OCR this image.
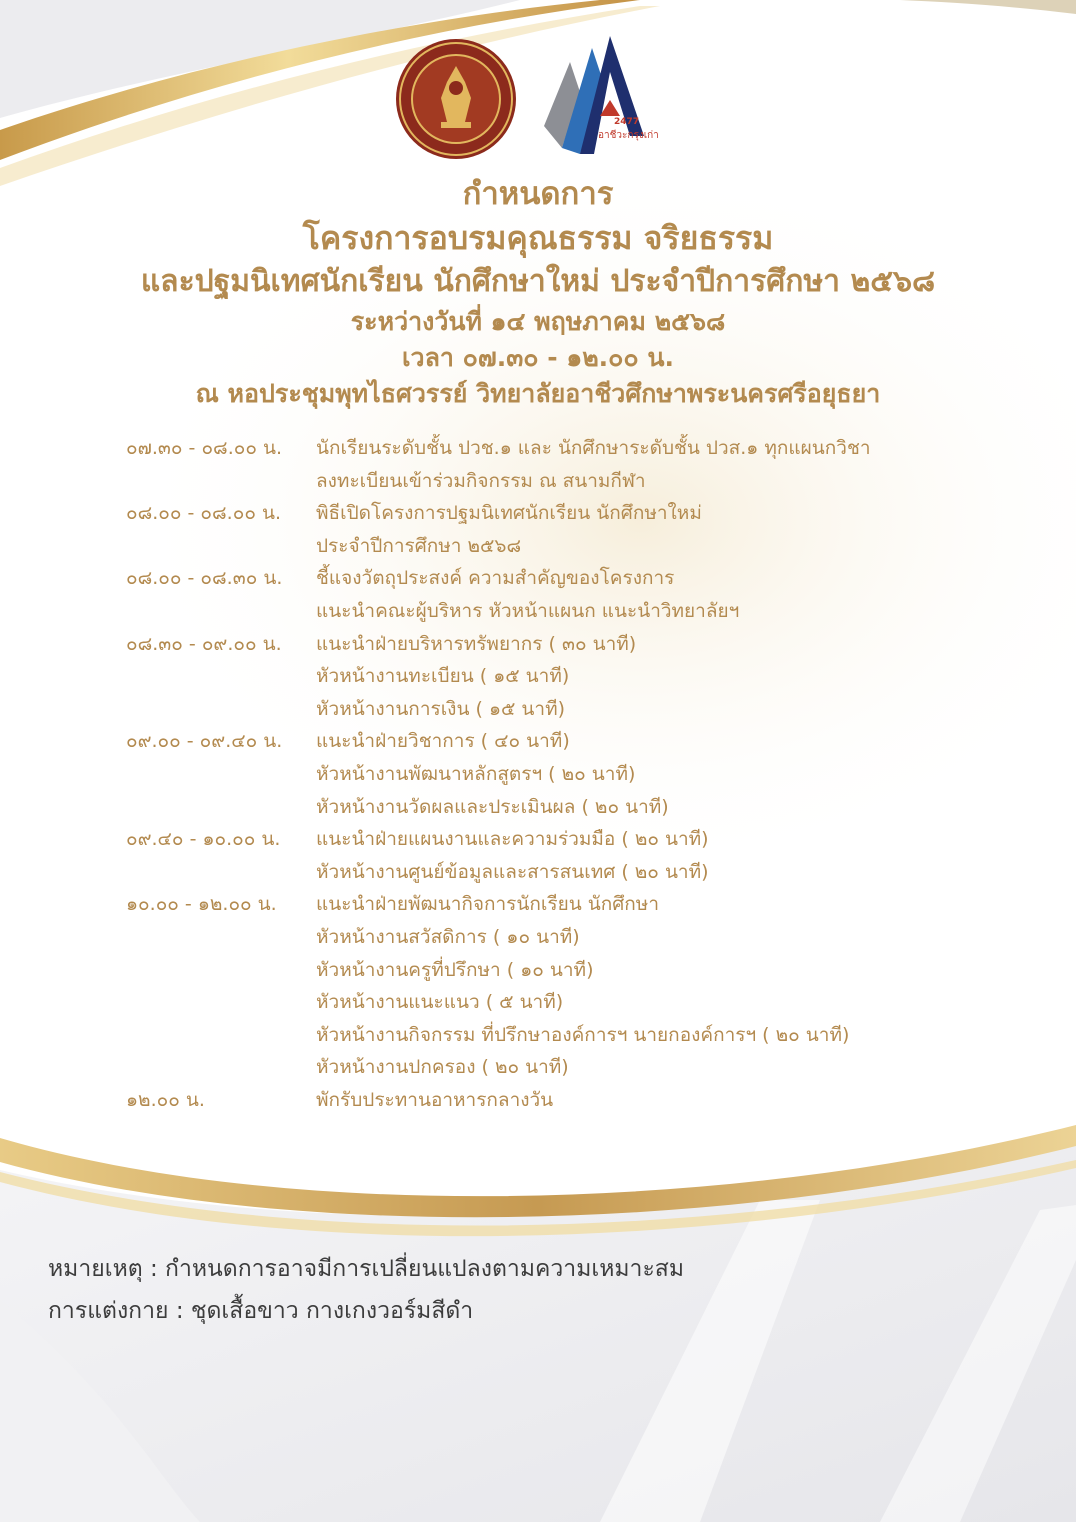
2477
อาชีวะกรุงเก่า
กำหนดการ
โครงการอบรมคุณธรรม จริยธรรม
และปฐมนิเทศนักเรียน นักศึกษาใหม่ ประจำปีการศึกษา ๒๕๖๘
ระหว่างวันที่ ๑๔ พฤษภาคม ๒๕๖๘
เวลา ๐๗.๓๐ - ๑๒.๐๐ น.
ณ หอประชุมพุทไธศวรรย์ วิทยาลัยอาชีวศึกษาพระนครศรีอยุธยา
๐๗.๓๐ - ๐๘.๐๐ น.	นักเรียนระดับชั้น ปวช.๑ และ นักศึกษาระดับชั้น ปวส.๑ ทุกแผนกวิชา
ลงทะเบียนเข้าร่วมกิจกรรม ณ สนามกีฬา
๐๘.๐๐ - ๐๘.๐๐ น.	พิธีเปิดโครงการปฐมนิเทศนักเรียน นักศึกษาใหม่
ประจำปีการศึกษา ๒๕๖๘
๐๘.๐๐ - ๐๘.๓๐ น.	ชี้แจงวัตถุประสงค์ ความสำคัญของโครงการ
แนะนำคณะผู้บริหาร หัวหน้าแผนก แนะนำวิทยาลัยฯ
๐๘.๓๐ - ๐๙.๐๐ น.	แนะนำฝ่ายบริหารทรัพยากร ( ๓๐ นาที)
หัวหน้างานทะเบียน ( ๑๕ นาที)
หัวหน้างานการเงิน ( ๑๕ นาที)
๐๙.๐๐ - ๐๙.๔๐ น.	แนะนำฝ่ายวิชาการ ( ๔๐ นาที)
หัวหน้างานพัฒนาหลักสูตรฯ ( ๒๐ นาที)
หัวหน้างานวัดผลและประเมินผล ( ๒๐ นาที)
๐๙.๔๐ - ๑๐.๐๐ น.	แนะนำฝ่ายแผนงานและความร่วมมือ ( ๒๐ นาที)
หัวหน้างานศูนย์ข้อมูลและสารสนเทศ ( ๒๐ นาที)
๑๐.๐๐ - ๑๒.๐๐ น.	แนะนำฝ่ายพัฒนากิจการนักเรียน นักศึกษา
หัวหน้างานสวัสดิการ ( ๑๐ นาที)
หัวหน้างานครูที่ปรึกษา ( ๑๐ นาที)
หัวหน้างานแนะแนว ( ๕ นาที)
หัวหน้างานกิจกรรม ที่ปรึกษาองค์การฯ นายกองค์การฯ ( ๒๐ นาที)
หัวหน้างานปกครอง ( ๒๐ นาที)
๑๒.๐๐ น.	พักรับประทานอาหารกลางวัน
หมายเหตุ : กำหนดการอาจมีการเปลี่ยนแปลงตามความเหมาะสม
การแต่งกาย : ชุดเสื้อขาว กางเกงวอร์มสีดำ
